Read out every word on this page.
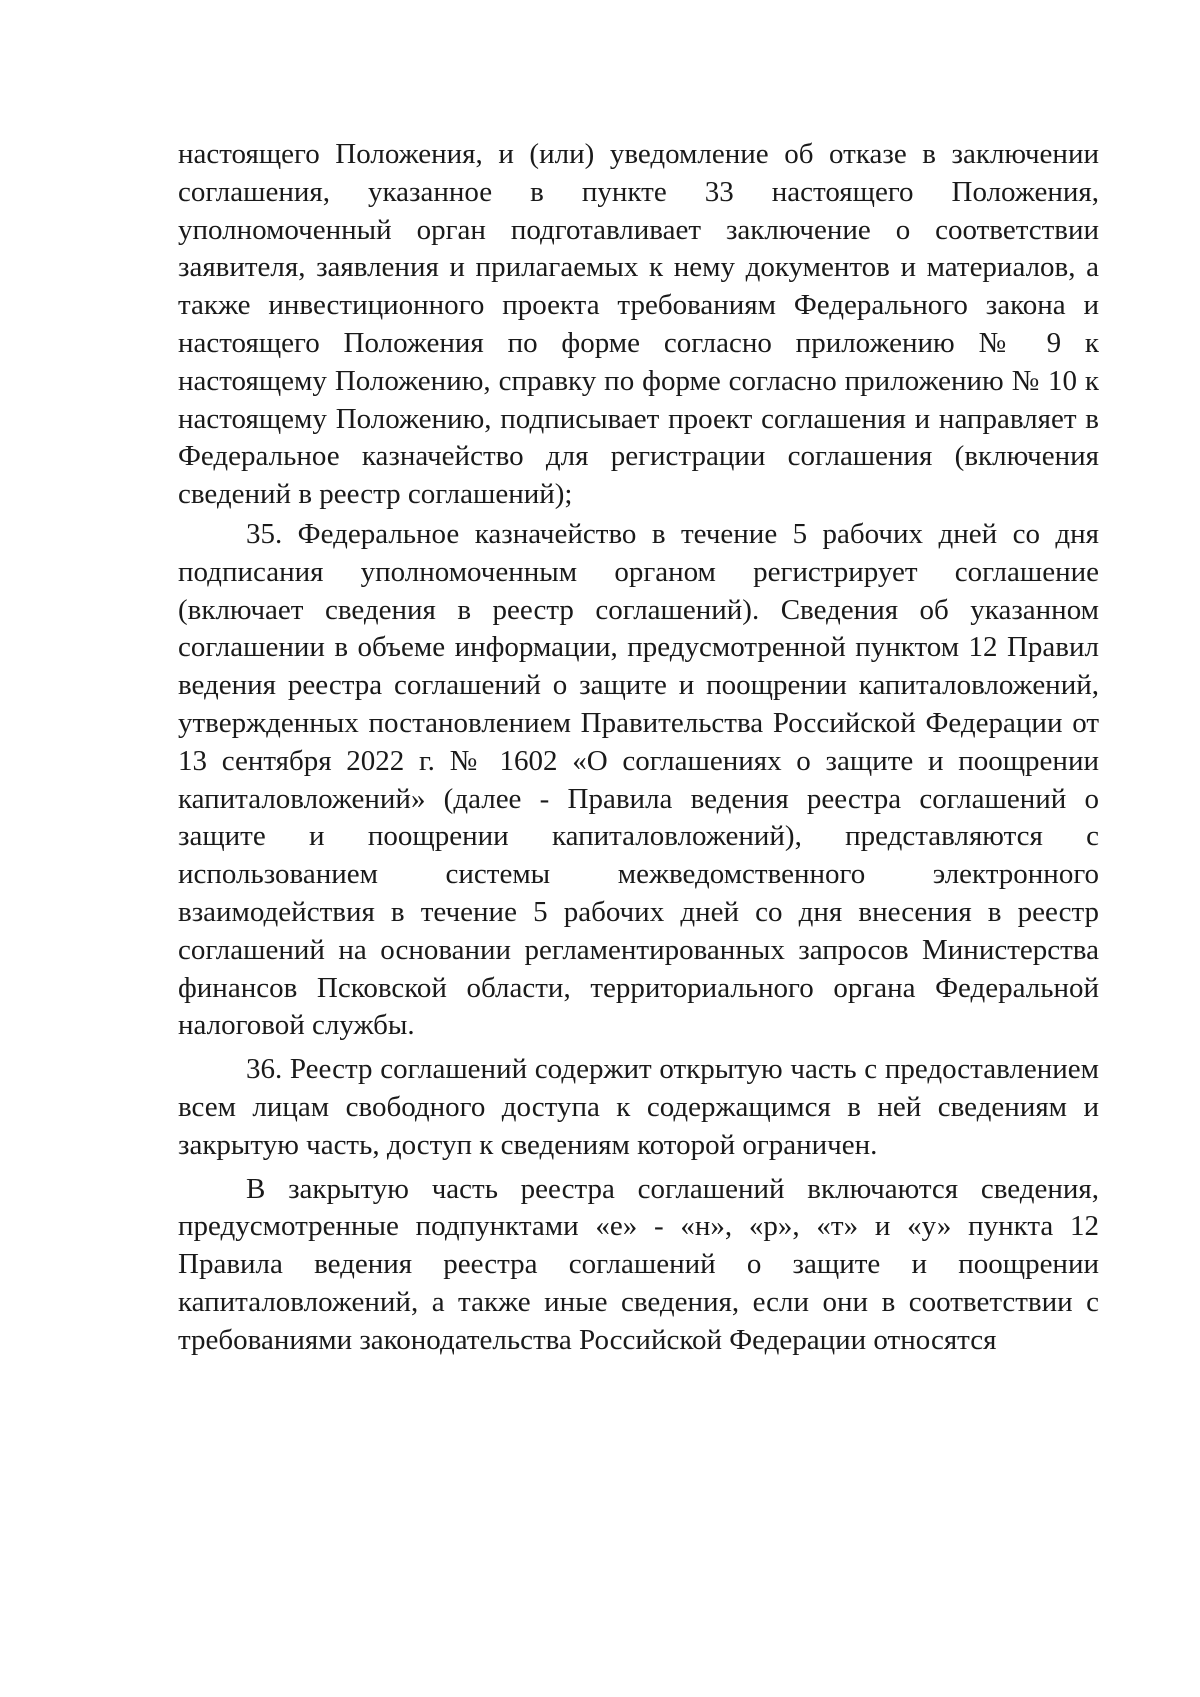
настоящего Положения, и (или) уведомление об отказе в заключении соглашения, указанное в пункте 33 настоящего Положения, уполномоченный орган подготавливает заключение о соответствии заявителя, заявления и прилагаемых к нему документов и материалов, а также инвестиционного проекта требованиям Федерального закона и настоящего Положения по форме согласно приложению № 9 к настоящему Положению, справку по форме согласно приложению № 10 к настоящему Положению, подписывает проект соглашения и направляет в Федеральное казначейство для регистрации соглашения (включения сведений в реестр соглашений);

35. Федеральное казначейство в течение 5 рабочих дней со дня подписания уполномоченным органом регистрирует соглашение (включает сведения в реестр соглашений). Сведения об указанном соглашении в объеме информации, предусмотренной пунктом 12 Правил ведения реестра соглашений о защите и поощрении капиталовложений, утвержденных постановлением Правительства Российской Федерации от 13 сентября 2022 г. № 1602 «О соглашениях о защите и поощрении капиталовложений» (далее - Правила ведения реестра соглашений о защите и поощрении капиталовложений), представляются с использованием системы межведомственного электронного взаимодействия в течение 5 рабочих дней со дня внесения в реестр соглашений на основании регламентированных запросов Министерства финансов Псковской области, территориального органа Федеральной налоговой службы.

36. Реестр соглашений содержит открытую часть с предоставлением всем лицам свободного доступа к содержащимся в ней сведениям и закрытую часть, доступ к сведениям которой ограничен.

В закрытую часть реестра соглашений включаются сведения, предусмотренные подпунктами «е» - «н», «р», «т» и «у» пункта 12 Правила ведения реестра соглашений о защите и поощрении капиталовложений, а также иные сведения, если они в соответствии с требованиями законодательства Российской Федерации относятся
